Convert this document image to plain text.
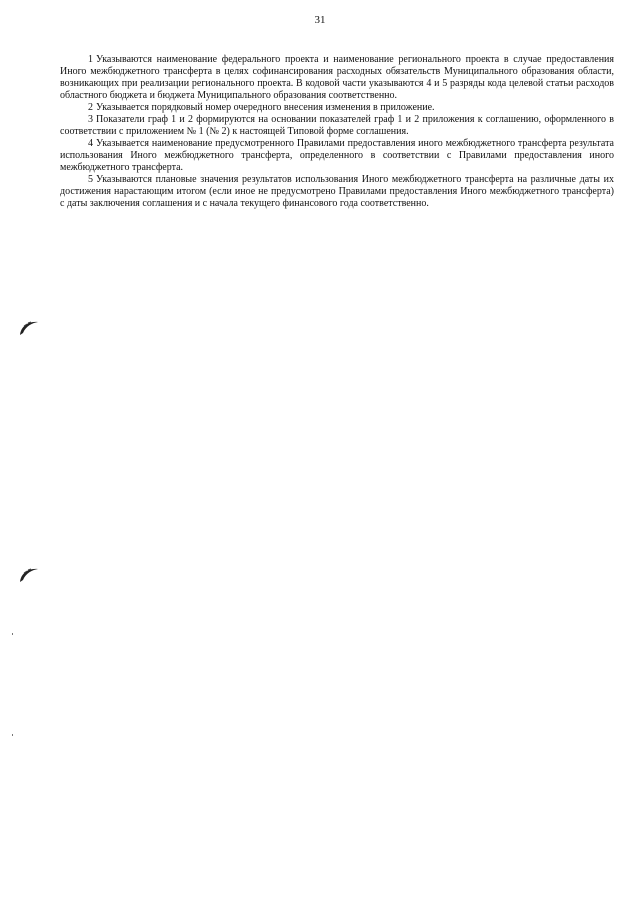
31

1 Указываются наименование федерального проекта и наименование регионального проекта в случае предоставления Иного межбюджетного трансферта в целях софинансирования расходных обязательств Муниципального образования области, возникающих при реализации регионального проекта. В кодовой части указываются 4 и 5 разряды кода целевой статьи расходов областного бюджета и бюджета Муниципального образования соответственно.

2 Указывается порядковый номер очередного внесения изменения в приложение.

3 Показатели граф 1 и 2 формируются на основании показателей граф 1 и 2 приложения к соглашению, оформленного в соответствии с приложением № 1 (№ 2) к настоящей Типовой форме соглашения.

4 Указывается наименование предусмотренного Правилами предоставления иного межбюджетного трансферта результата использования Иного межбюджетного трансферта, определенного в соответствии с Правилами предоставления иного межбюджетного трансферта.

5 Указываются плановые значения результатов использования Иного межбюджетного трансферта на различные даты их достижения нарастающим итогом (если иное не предусмотрено Правилами предоставления Иного межбюджетного трансферта) с даты заключения соглашения и с начала текущего финансового года соответственно.
